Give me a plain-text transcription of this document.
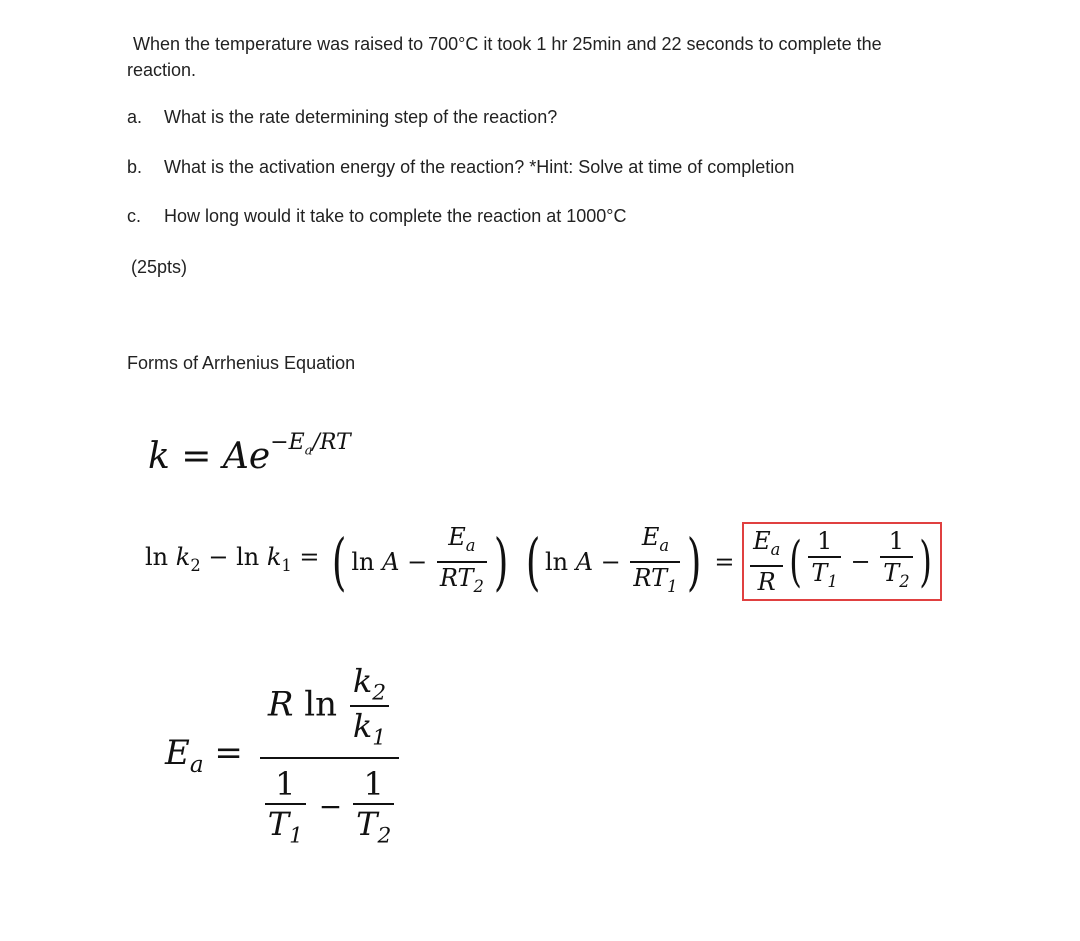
When the temperature was raised to 700°C it took 1 hr 25min and 22 seconds to complete the
reaction.
a. What is the rate determining step of the reaction?
b. What is the activation energy of the reaction? *Hint: Solve at time of completion
c. How long would it take to complete the reaction at 1000°C
(25pts)
Forms of Arrhenius Equation
$k = Ae^{-E_a/RT}$
$\ln k_2 - \ln k_1$ = ( $\ln A - \frac{E_a}{RT_2}$ ) ( $\ln A - \frac{E_a}{RT_1}$ ) = $\frac{E_a}{R}$ ( $\frac{1}{T_1} - \frac{1}{T_2}$ )
$E_a = \frac{R \ln \frac{k_2}{k_1}}{\frac{1}{T_1} - \frac{1}{T_2}}$
